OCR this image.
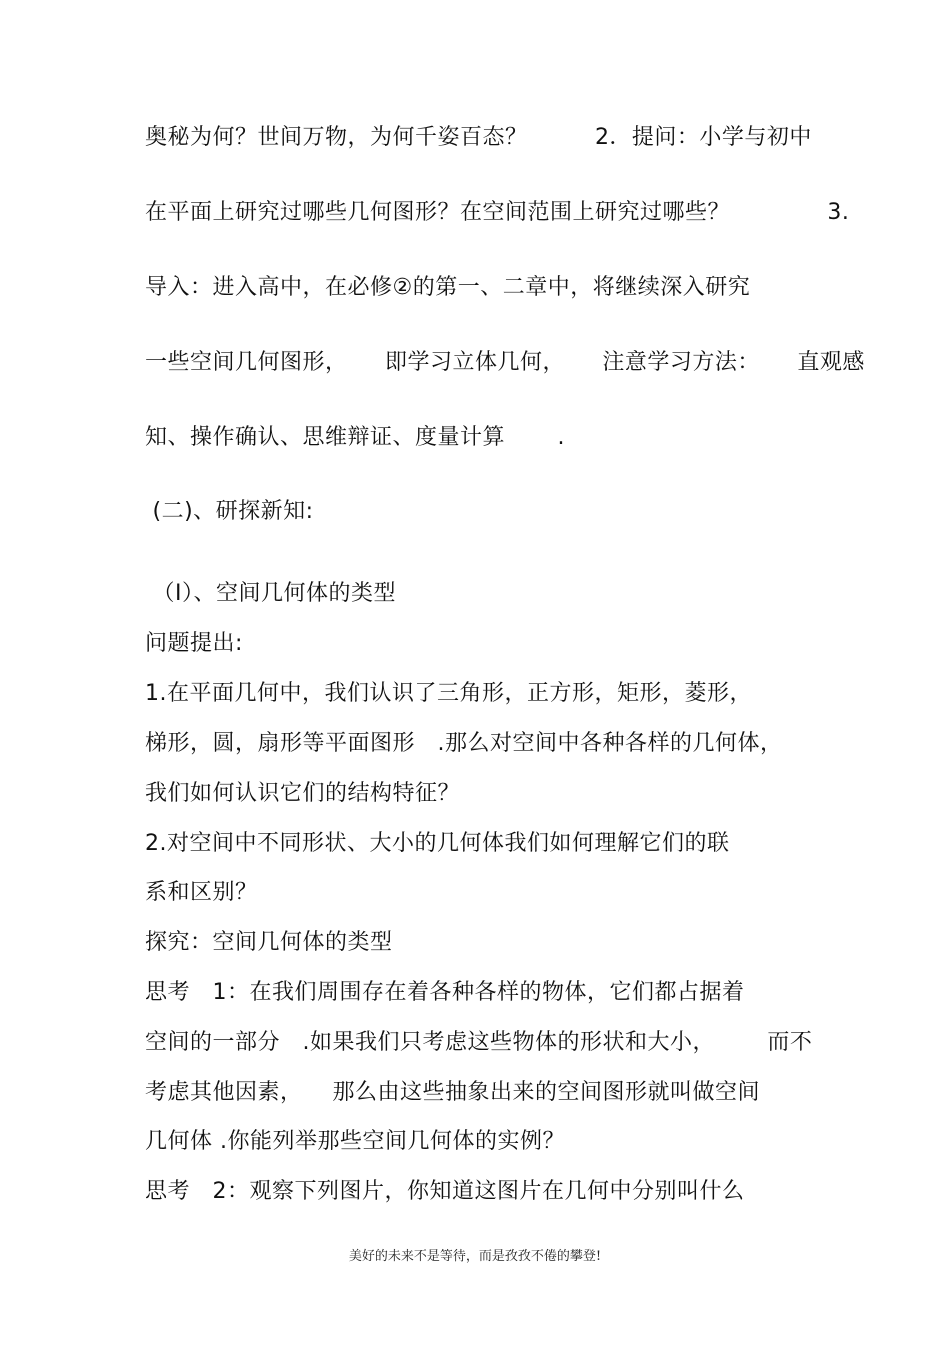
奥秘为何？世间万物，为何千姿百态？         2．提问：小学与初中
在平面上研究过哪些几何图形？在空间范围上研究过哪些？             3.
导入：进入高中，在必修②的第一、二章中，将继续深入研究
一些空间几何图形，     即学习立体几何，     注意学习方法：     直观感
知、操作确认、思维辩证、度量计算       .
(二)、研探新知:
（Ⅰ）、空间几何体的类型
问题提出:
1.在平面几何中，我们认识了三角形，正方形，矩形，菱形，
梯形，圆，扇形等平面图形   .那么对空间中各种各样的几何体，
我们如何认识它们的结构特征？
2.对空间中不同形状、大小的几何体我们如何理解它们的联
系和区别？
探究：空间几何体的类型
思考   1：在我们周围存在着各种各样的物体，它们都占据着
空间的一部分   .如果我们只考虑这些物体的形状和大小，       而不
考虑其他因素，    那么由这些抽象出来的空间图形就叫做空间
几何体 .你能列举那些空间几何体的实例？
思考   2：观察下列图片，你知道这图片在几何中分别叫什么
美好的未来不是等待，而是孜孜不倦的攀登!
